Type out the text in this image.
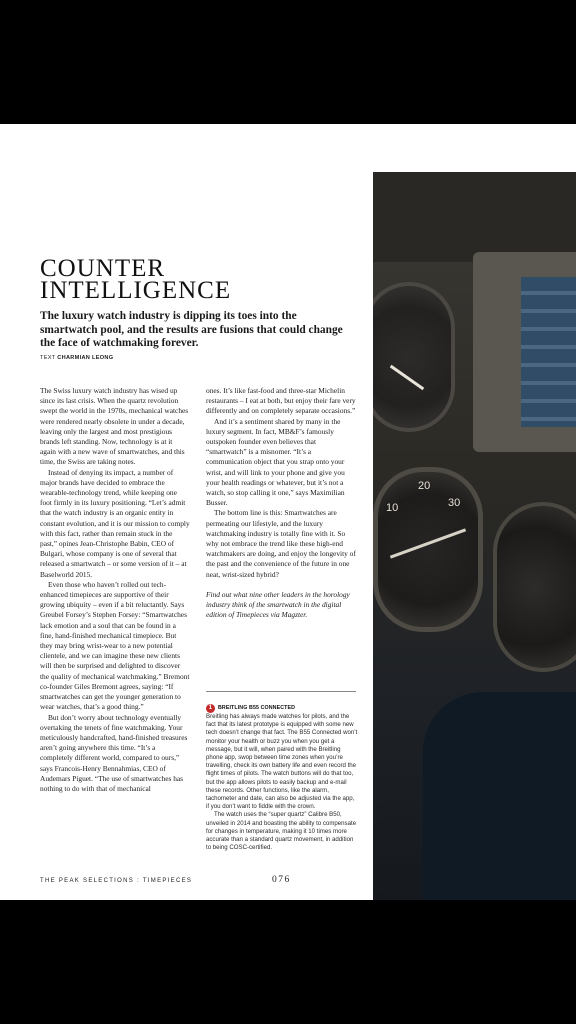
10
20
30
COUNTER
INTELLIGENCE
The luxury watch industry is dipping its toes into the smartwatch pool, and the results are fusions that could change the face of watchmaking forever.
TEXT CHARMIAN LEONG

The Swiss luxury watch industry has wised up since its last crisis. When the quartz revolution swept the world in the 1970s, mechanical watches were rendered nearly obsolete in under a decade, leaving only the largest and most prestigious brands left standing. Now, technology is at it again with a new wave of smartwatches, and this time, the Swiss are taking notes.

Instead of denying its impact, a number of major brands have decided to embrace the wearable-technology trend, while keeping one foot firmly in its luxury positioning. “Let’s admit that the watch industry is an organic entity in constant evolution, and it is our mission to comply with this fact, rather than remain stuck in the past,” opines Jean-Christophe Babin, CEO of Bulgari, whose company is one of several that released a smartwatch – or some version of it – at Baselworld 2015.

Even those who haven’t rolled out tech-enhanced timepieces are supportive of their growing ubiquity – even if a bit reluctantly. Says Greubel Forsey’s Stephen Forsey: “Smartwatches lack emotion and a soul that can be found in a fine, hand-finished mechanical timepiece. But they may bring wrist-wear to a new potential clientele, and we can imagine these new clients will then be surprised and delighted to discover the quality of mechanical watchmaking.” Bremont co-founder Giles Bremont agrees, saying: “If smartwatches can get the younger generation to wear watches, that’s a good thing.”

But don’t worry about technology eventually overtaking the tenets of fine watchmaking. Your meticulously handcrafted, hand-finished treasures aren’t going anywhere this time. “It’s a completely different world, compared to ours,” says Francois-Henry Bennahmias, CEO of Audemars Piguet. “The use of smartwatches has nothing to do with that of mechanical

ones. It’s like fast-food and three-star Michelin restaurants – I eat at both, but enjoy their fare very differently and on completely separate occasions.”

And it’s a sentiment shared by many in the luxury segment. In fact, MB&F’s famously outspoken founder even believes that “smartwatch” is a misnomer. “It’s a communication object that you strap onto your wrist, and will link to your phone and give you your health readings or whatever, but it’s not a watch, so stop calling it one,” says Maximilian Busser.

The bottom line is this: Smartwatches are permeating our lifestyle, and the luxury watchmaking industry is totally fine with it. So why not embrace the trend like these high-end watchmakers are doing, and enjoy the longevity of the past and the convenience of the future in one neat, wrist-sized hybrid?

Find out what nine other leaders in the horology industry think of the smartwatch in the digital edition of Timepieces via Magzter.

1	BREITLING B55 CONNECTED

Breitling has always made watches for pilots, and the fact that its latest prototype is equipped with some new tech doesn’t change that fact. The B55 Connected won’t monitor your health or buzz you when you get a message, but it will, when paired with the Breitling phone app, swop between time zones when you’re travelling, check its own battery life and even record the flight times of pilots. The watch buttons will do that too, but the app allows pilots to easily backup and e-mail these records. Other functions, like the alarm, tachometer and date, can also be adjusted via the app, if you don’t want to fiddle with the crown.

The watch uses the “super quartz” Calibre B50, unveiled in 2014 and boasting the ability to compensate for changes in temperature, making it 10 times more accurate than a standard quartz movement, in addition to being COSC-certified.

THE PEAK SELECTIONS : TIMEPIECES	076
